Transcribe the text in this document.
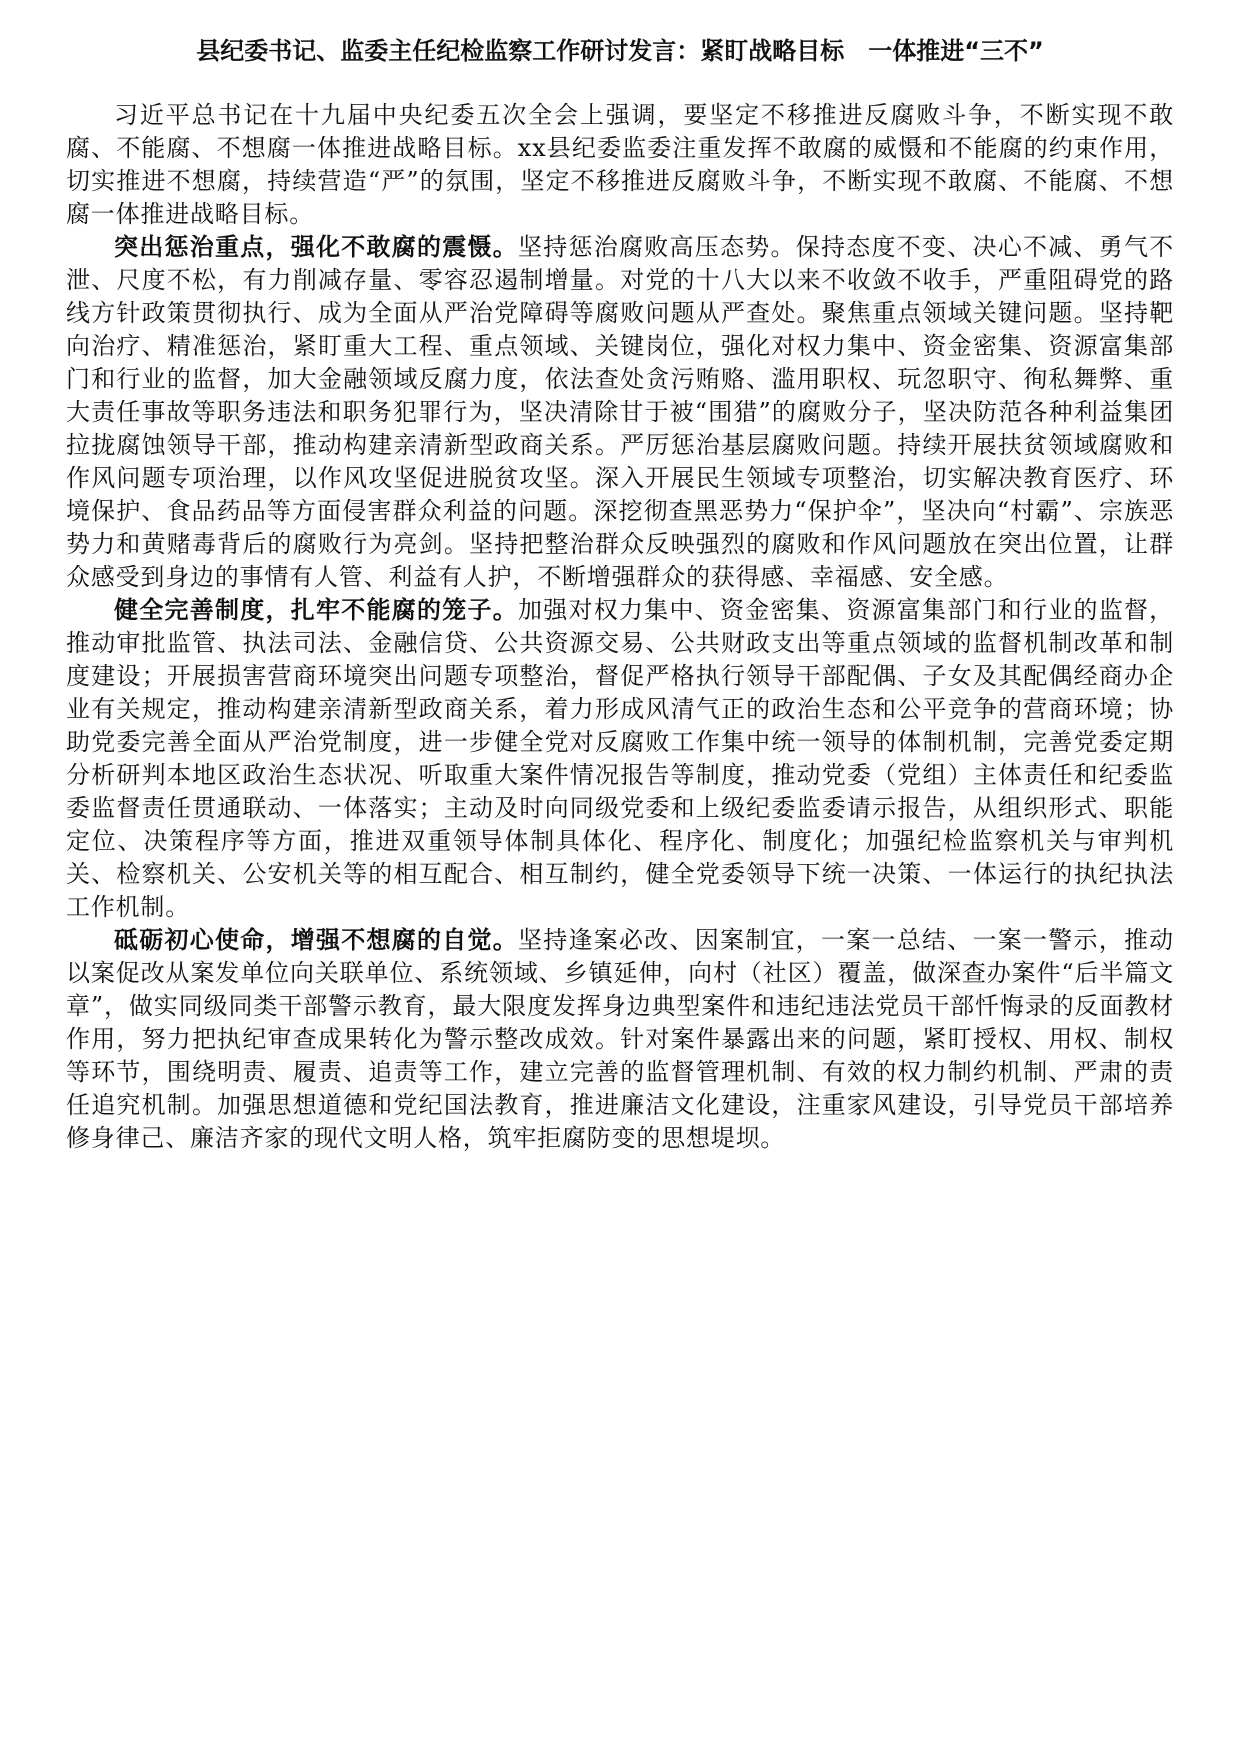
县纪委书记、监委主任纪检监察工作研讨发言：紧盯战略目标　一体推进“三不”

习近平总书记在十九届中央纪委五次全会上强调，要坚定不移推进反腐败斗争，不断实现不敢腐、不能腐、不想腐一体推进战略目标。xx县纪委监委注重发挥不敢腐的威慑和不能腐的约束作用，切实推进不想腐，持续营造“严”的氛围，坚定不移推进反腐败斗争，不断实现不敢腐、不能腐、不想腐一体推进战略目标。

突出惩治重点，强化不敢腐的震慑。坚持惩治腐败高压态势。保持态度不变、决心不减、勇气不泄、尺度不松，有力削减存量、零容忍遏制增量。对党的十八大以来不收敛不收手，严重阻碍党的路线方针政策贯彻执行、成为全面从严治党障碍等腐败问题从严查处。聚焦重点领域关键问题。坚持靶向治疗、精准惩治，紧盯重大工程、重点领域、关键岗位，强化对权力集中、资金密集、资源富集部门和行业的监督，加大金融领域反腐力度，依法查处贪污贿赂、滥用职权、玩忽职守、徇私舞弊、重大责任事故等职务违法和职务犯罪行为，坚决清除甘于被“围猎”的腐败分子，坚决防范各种利益集团拉拢腐蚀领导干部，推动构建亲清新型政商关系。严厉惩治基层腐败问题。持续开展扶贫领域腐败和作风问题专项治理，以作风攻坚促进脱贫攻坚。深入开展民生领域专项整治，切实解决教育医疗、环境保护、食品药品等方面侵害群众利益的问题。深挖彻查黑恶势力“保护伞”，坚决向“村霸”、宗族恶势力和黄赌毒背后的腐败行为亮剑。坚持把整治群众反映强烈的腐败和作风问题放在突出位置，让群众感受到身边的事情有人管、利益有人护，不断增强群众的获得感、幸福感、安全感。

健全完善制度，扎牢不能腐的笼子。加强对权力集中、资金密集、资源富集部门和行业的监督，推动审批监管、执法司法、金融信贷、公共资源交易、公共财政支出等重点领域的监督机制改革和制度建设；开展损害营商环境突出问题专项整治，督促严格执行领导干部配偶、子女及其配偶经商办企业有关规定，推动构建亲清新型政商关系，着力形成风清气正的政治生态和公平竞争的营商环境；协助党委完善全面从严治党制度，进一步健全党对反腐败工作集中统一领导的体制机制，完善党委定期分析研判本地区政治生态状况、听取重大案件情况报告等制度，推动党委（党组）主体责任和纪委监委监督责任贯通联动、一体落实；主动及时向同级党委和上级纪委监委请示报告，从组织形式、职能定位、决策程序等方面，推进双重领导体制具体化、程序化、制度化；加强纪检监察机关与审判机关、检察机关、公安机关等的相互配合、相互制约，健全党委领导下统一决策、一体运行的执纪执法工作机制。

砥砺初心使命，增强不想腐的自觉。坚持逢案必改、因案制宜，一案一总结、一案一警示，推动以案促改从案发单位向关联单位、系统领域、乡镇延伸，向村（社区）覆盖，做深查办案件“后半篇文章”，做实同级同类干部警示教育，最大限度发挥身边典型案件和违纪违法党员干部忏悔录的反面教材作用，努力把执纪审查成果转化为警示整改成效。针对案件暴露出来的问题，紧盯授权、用权、制权等环节，围绕明责、履责、追责等工作，建立完善的监督管理机制、有效的权力制约机制、严肃的责任追究机制。加强思想道德和党纪国法教育，推进廉洁文化建设，注重家风建设，引导党员干部培养修身律己、廉洁齐家的现代文明人格，筑牢拒腐防变的思想堤坝。
